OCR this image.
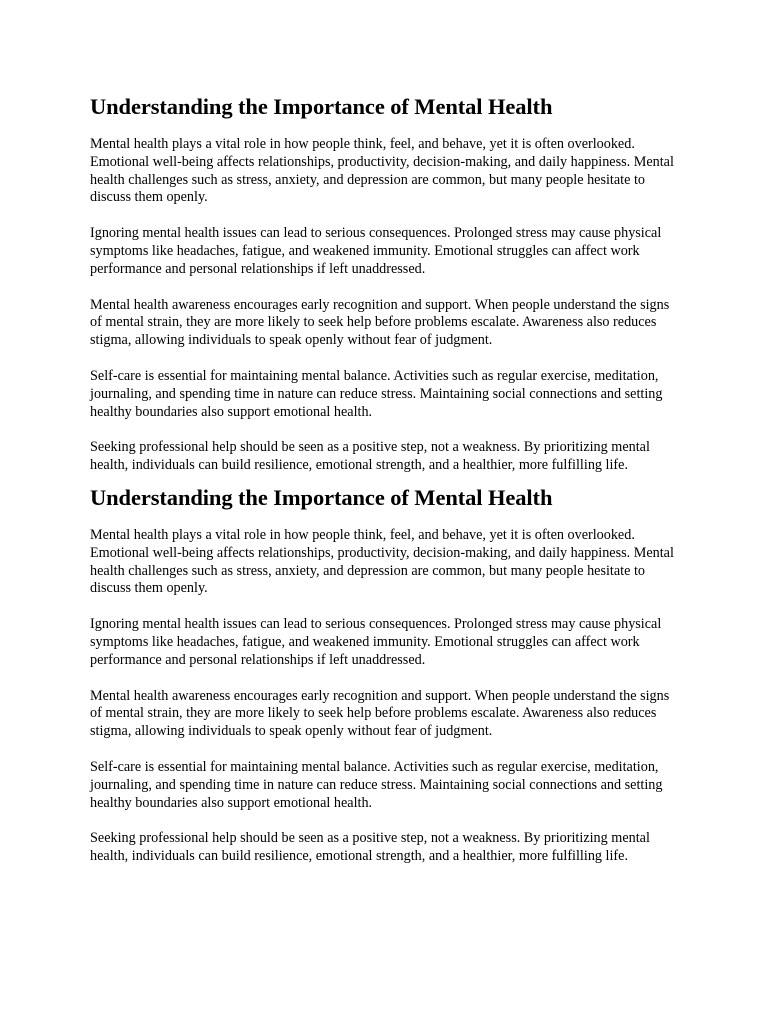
Understanding the Importance of Mental Health

Mental health plays a vital role in how people think, feel, and behave, yet it is often overlooked. Emotional well-being affects relationships, productivity, decision-making, and daily happiness. Mental health challenges such as stress, anxiety, and depression are common, but many people hesitate to discuss them openly.

Ignoring mental health issues can lead to serious consequences. Prolonged stress may cause physical symptoms like headaches, fatigue, and weakened immunity. Emotional struggles can affect work performance and personal relationships if left unaddressed.

Mental health awareness encourages early recognition and support. When people understand the signs of mental strain, they are more likely to seek help before problems escalate. Awareness also reduces stigma, allowing individuals to speak openly without fear of judgment.

Self-care is essential for maintaining mental balance. Activities such as regular exercise, meditation, journaling, and spending time in nature can reduce stress. Maintaining social connections and setting healthy boundaries also support emotional health.

Seeking professional help should be seen as a positive step, not a weakness. By prioritizing mental health, individuals can build resilience, emotional strength, and a healthier, more fulfilling life.

Understanding the Importance of Mental Health

Mental health plays a vital role in how people think, feel, and behave, yet it is often overlooked. Emotional well-being affects relationships, productivity, decision-making, and daily happiness. Mental health challenges such as stress, anxiety, and depression are common, but many people hesitate to discuss them openly.

Ignoring mental health issues can lead to serious consequences. Prolonged stress may cause physical symptoms like headaches, fatigue, and weakened immunity. Emotional struggles can affect work performance and personal relationships if left unaddressed.

Mental health awareness encourages early recognition and support. When people understand the signs of mental strain, they are more likely to seek help before problems escalate. Awareness also reduces stigma, allowing individuals to speak openly without fear of judgment.

Self-care is essential for maintaining mental balance. Activities such as regular exercise, meditation, journaling, and spending time in nature can reduce stress. Maintaining social connections and setting healthy boundaries also support emotional health.

Seeking professional help should be seen as a positive step, not a weakness. By prioritizing mental health, individuals can build resilience, emotional strength, and a healthier, more fulfilling life.
